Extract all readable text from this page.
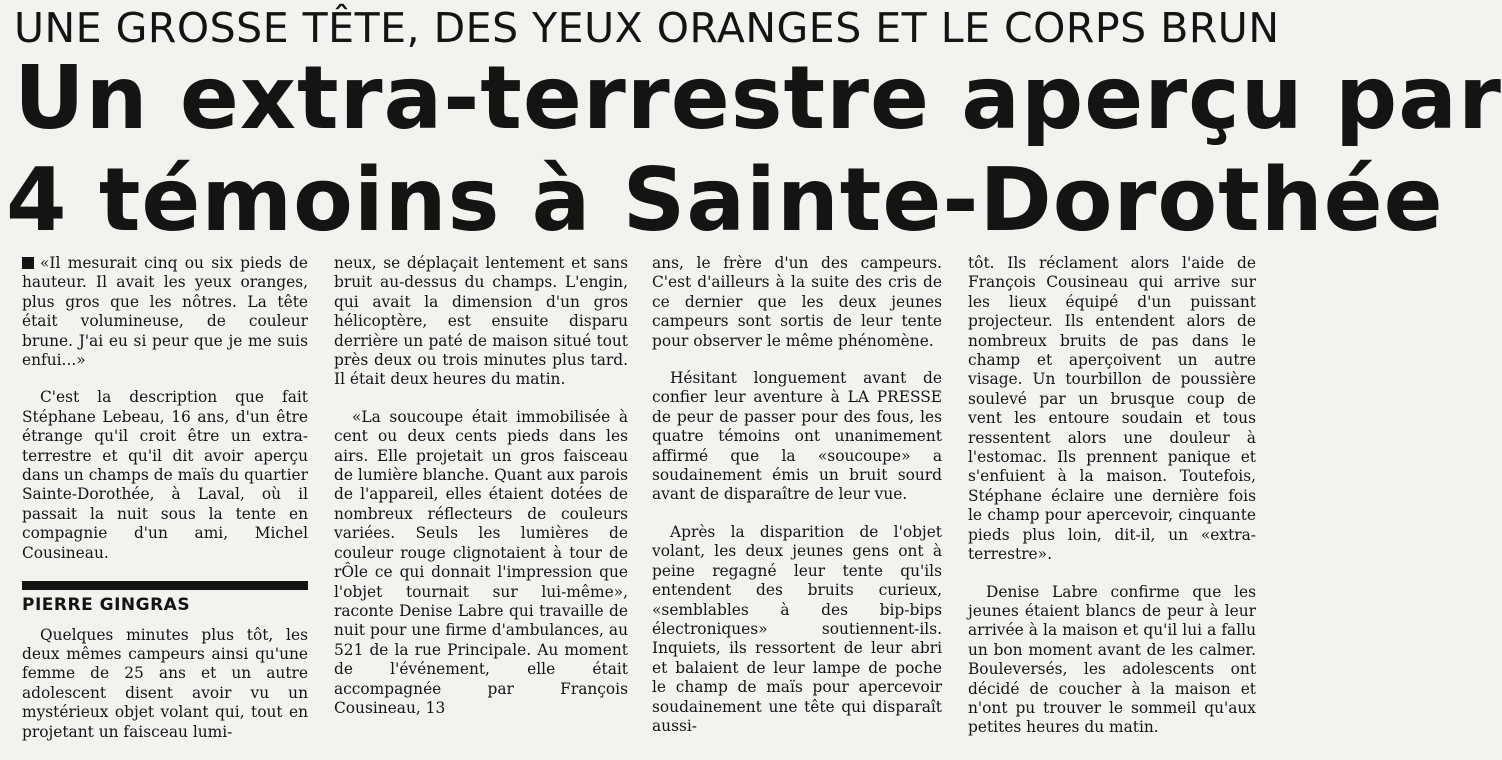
UNE GROSSE TÊTE, DES YEUX ORANGES ET LE CORPS BRUN
Un extra-terrestre aperçu par
4 témoins à Sainte-Dorothée

«Il mesurait cinq ou six pieds de hauteur. Il avait les yeux oranges, plus gros que les nôtres. La tête était volumineuse, de couleur brune. J'ai eu si peur que je me suis enfui...»

C'est la description que fait Stéphane Lebeau, 16 ans, d'un être étrange qu'il croit être un extra-terrestre et qu'il dit avoir aperçu dans un champs de maïs du quartier Sainte-Dorothée, à Laval, où il passait la nuit sous la tente en compagnie d'un ami, Michel Cousineau.

PIERRE GINGRAS

Quelques minutes plus tôt, les deux mêmes campeurs ainsi qu'une femme de 25 ans et un autre adolescent disent avoir vu un mystérieux objet volant qui, tout en projetant un faisceau lumi-

neux, se déplaçait lentement et sans bruit au-dessus du champs. L'engin, qui avait la dimension d'un gros hélicoptère, est ensuite disparu derrière un paté de maison situé tout près deux ou trois minutes plus tard. Il était deux heures du matin.

«La soucoupe était immobilisée à cent ou deux cents pieds dans les airs. Elle projetait un gros faisceau de lumière blanche. Quant aux parois de l'appareil, elles étaient dotées de nombreux réflecteurs de couleurs variées. Seuls les lumières de couleur rouge clignotaient à tour de rÔle ce qui donnait l'impression que l'objet tournait sur lui-même», raconte Denise Labre qui travaille de nuit pour une firme d'ambulances, au 521 de la rue Principale. Au moment de l'événement, elle était accompagnée par François Cousineau, 13

ans, le frère d'un des campeurs. C'est d'ailleurs à la suite des cris de ce dernier que les deux jeunes campeurs sont sortis de leur tente pour observer le même phénomène.

Hésitant longuement avant de confier leur aventure à LA PRESSE de peur de passer pour des fous, les quatre témoins ont unanimement affirmé que la «soucoupe» a soudainement émis un bruit sourd avant de disparaître de leur vue.

Après la disparition de l'objet volant, les deux jeunes gens ont à peine regagné leur tente qu'ils entendent des bruits curieux, «semblables à des bip-bips électroniques» soutiennent-ils. Inquiets, ils ressortent de leur abri et balaient de leur lampe de poche le champ de maïs pour apercevoir soudainement une tête qui disparaît aussi-

tôt. Ils réclament alors l'aide de François Cousineau qui arrive sur les lieux équipé d'un puissant projecteur. Ils entendent alors de nombreux bruits de pas dans le champ et aperçoivent un autre visage. Un tourbillon de poussière soulevé par un brusque coup de vent les entoure soudain et tous ressentent alors une douleur à l'estomac. Ils prennent panique et s'enfuient à la maison. Toutefois, Stéphane éclaire une dernière fois le champ pour apercevoir, cinquante pieds plus loin, dit-il, un «extra-terrestre».

Denise Labre confirme que les jeunes étaient blancs de peur à leur arrivée à la maison et qu'il lui a fallu un bon moment avant de les calmer. Bouleversés, les adolescents ont décidé de coucher à la maison et n'ont pu trouver le sommeil qu'aux petites heures du matin.
